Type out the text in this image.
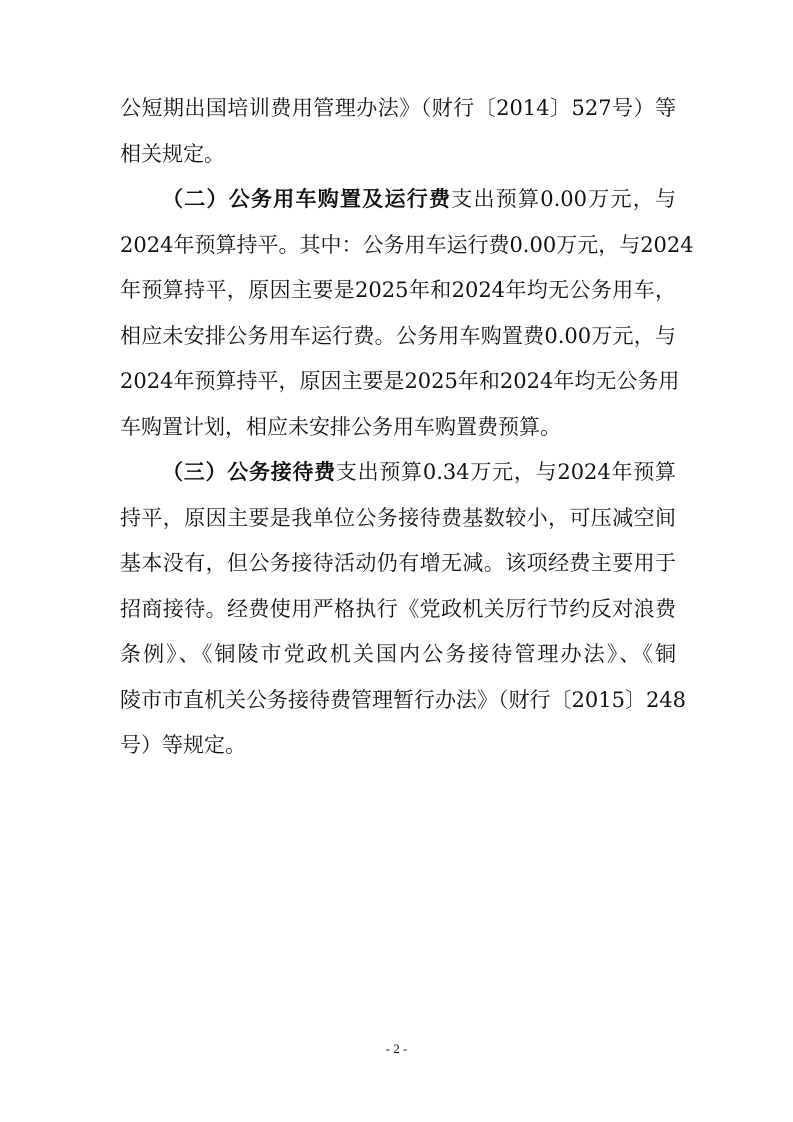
公短期出国培训费用管理办法》（财行〔2014〕527号）等
相关规定。
（二）公务用车购置及运行费支出预算0.00万元，与
2024年预算持平。其中：公务用车运行费0.00万元，与2024
年预算持平，原因主要是2025年和2024年均无公务用车，
相应未安排公务用车运行费。公务用车购置费0.00万元，与
2024年预算持平，原因主要是2025年和2024年均无公务用
车购置计划，相应未安排公务用车购置费预算。
（三）公务接待费支出预算0.34万元，与2024年预算
持平，原因主要是我单位公务接待费基数较小，可压减空间
基本没有，但公务接待活动仍有增无减。该项经费主要用于
招商接待。经费使用严格执行《党政机关厉行节约反对浪费
条例》、《铜陵市党政机关国内公务接待管理办法》、《铜
陵市市直机关公务接待费管理暂行办法》（财行〔2015〕248
号）等规定。
- 2 -
